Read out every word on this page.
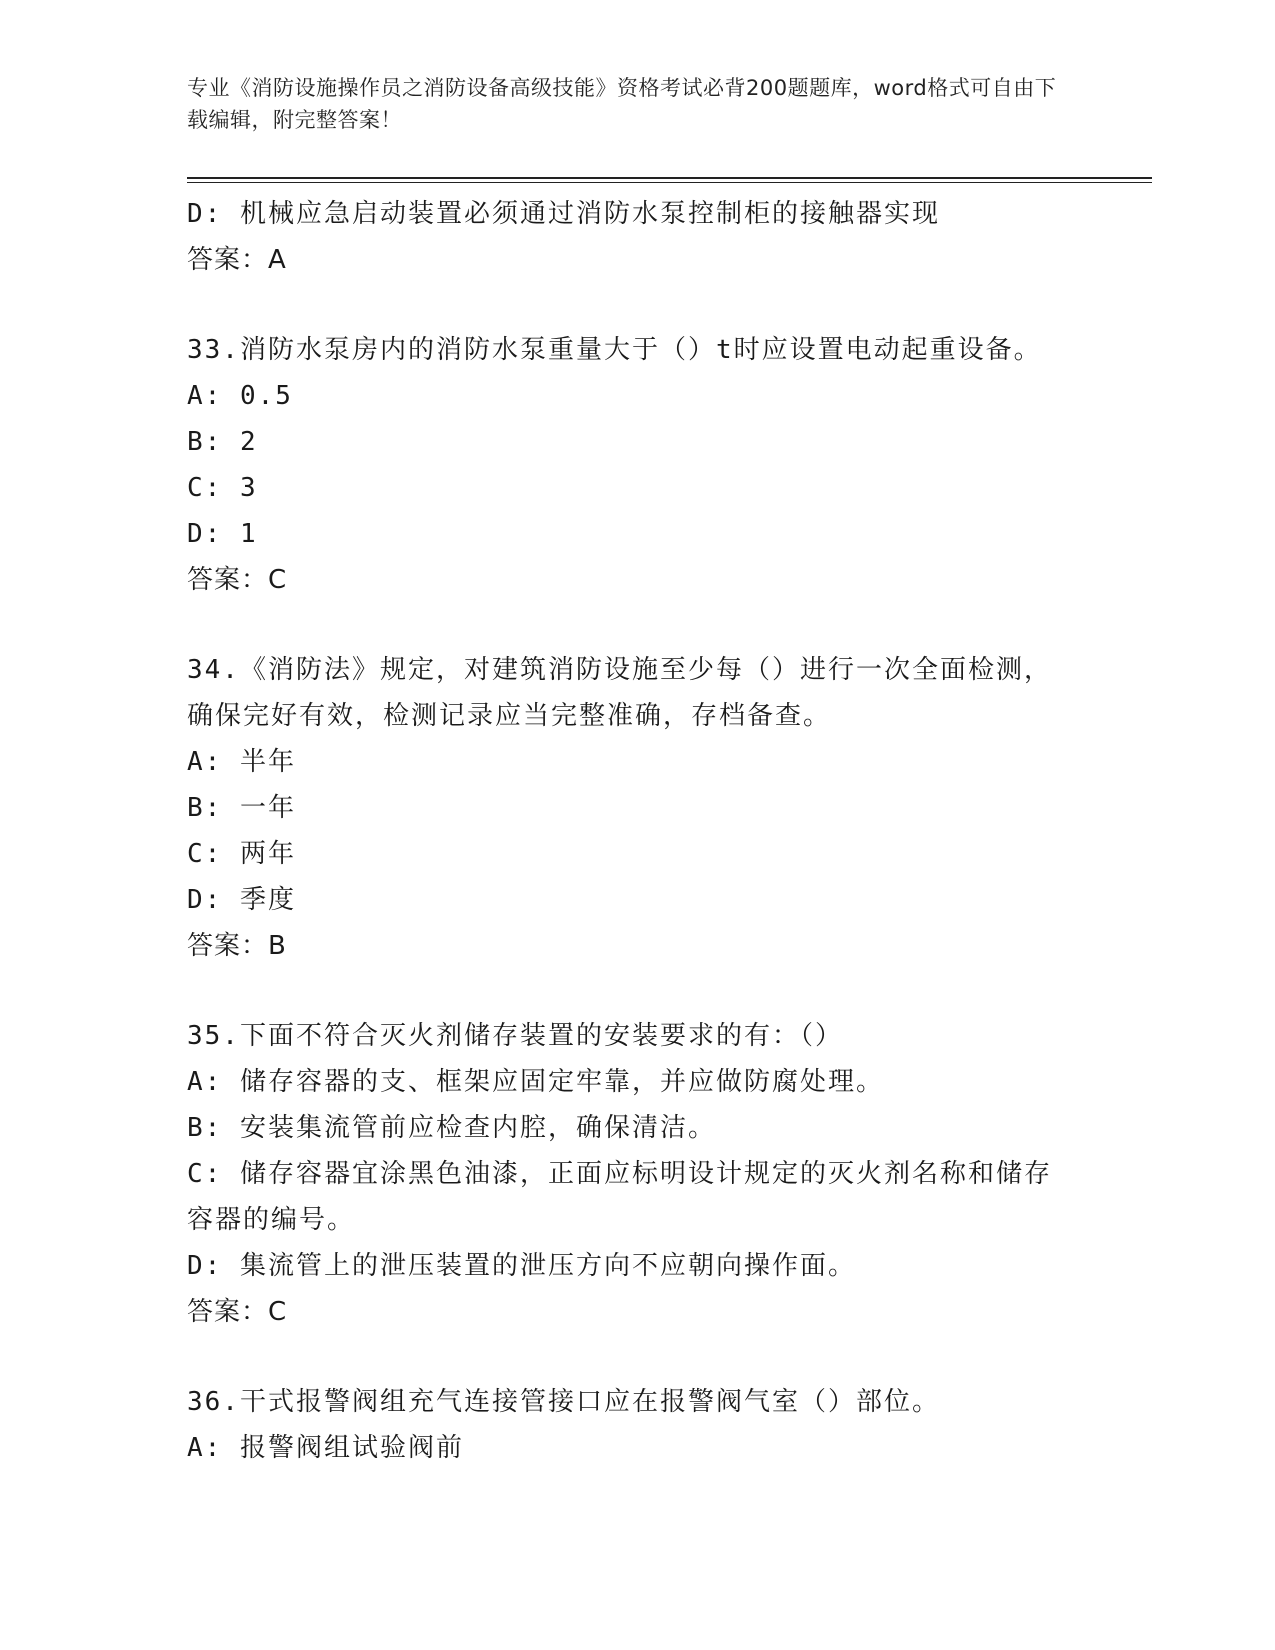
专业《消防设施操作员之消防设备高级技能》资格考试必背200题题库，word格式可自由下载编辑，附完整答案！
D: 机械应急启动装置必须通过消防水泵控制柜的接触器实现
答案：A
33.消防水泵房内的消防水泵重量大于（）t时应设置电动起重设备。
A: 0.5
B: 2
C: 3
D: 1
答案：C
34.《消防法》规定，对建筑消防设施至少每（）进行一次全面检测，确保完好有效，检测记录应当完整准确，存档备查。
A: 半年
B: 一年
C: 两年
D: 季度
答案：B
35.下面不符合灭火剂储存装置的安装要求的有：（）
A: 储存容器的支、框架应固定牢靠，并应做防腐处理。
B: 安装集流管前应检查内腔，确保清洁。
C: 储存容器宜涂黑色油漆，正面应标明设计规定的灭火剂名称和储存容器的编号。
D: 集流管上的泄压装置的泄压方向不应朝向操作面。
答案：C
36.干式报警阀组充气连接管接口应在报警阀气室（）部位。
A: 报警阀组试验阀前
